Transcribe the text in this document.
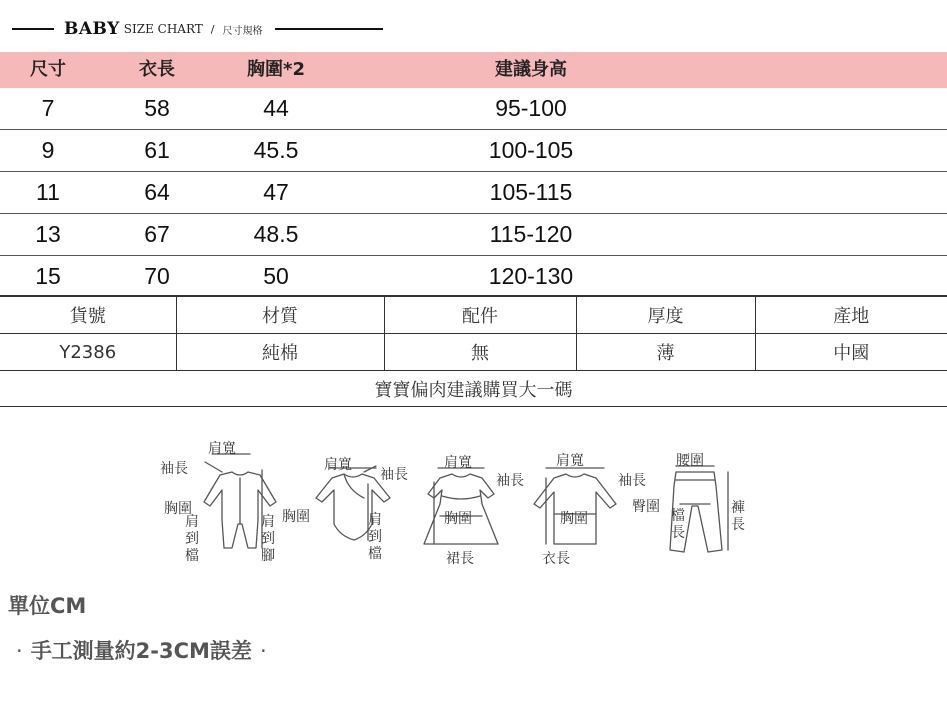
BABY SIZE CHART / 尺寸規格
尺寸	衣長	胸圍*2	建議身高
7	58	44	95-100
9	61	45.5	100-105
11	64	47	105-115
13	67	48.5	115-120
15	70	50	120-130
貨號	材質	配件	厚度	產地
Y2386	純棉	無	薄	中國
寶寶偏肉建議購買大一碼				
肩寬
袖長
胸圍
肩到檔
肩到腳
肩寬
袖長
胸圍	肩到檔
肩寬
袖長
胸圍
裙長
肩寬
袖長
胸圍
衣長
腰圍
臀圍
檔長
褲長
單位CM
· 手工測量約2-3CM誤差 ·
